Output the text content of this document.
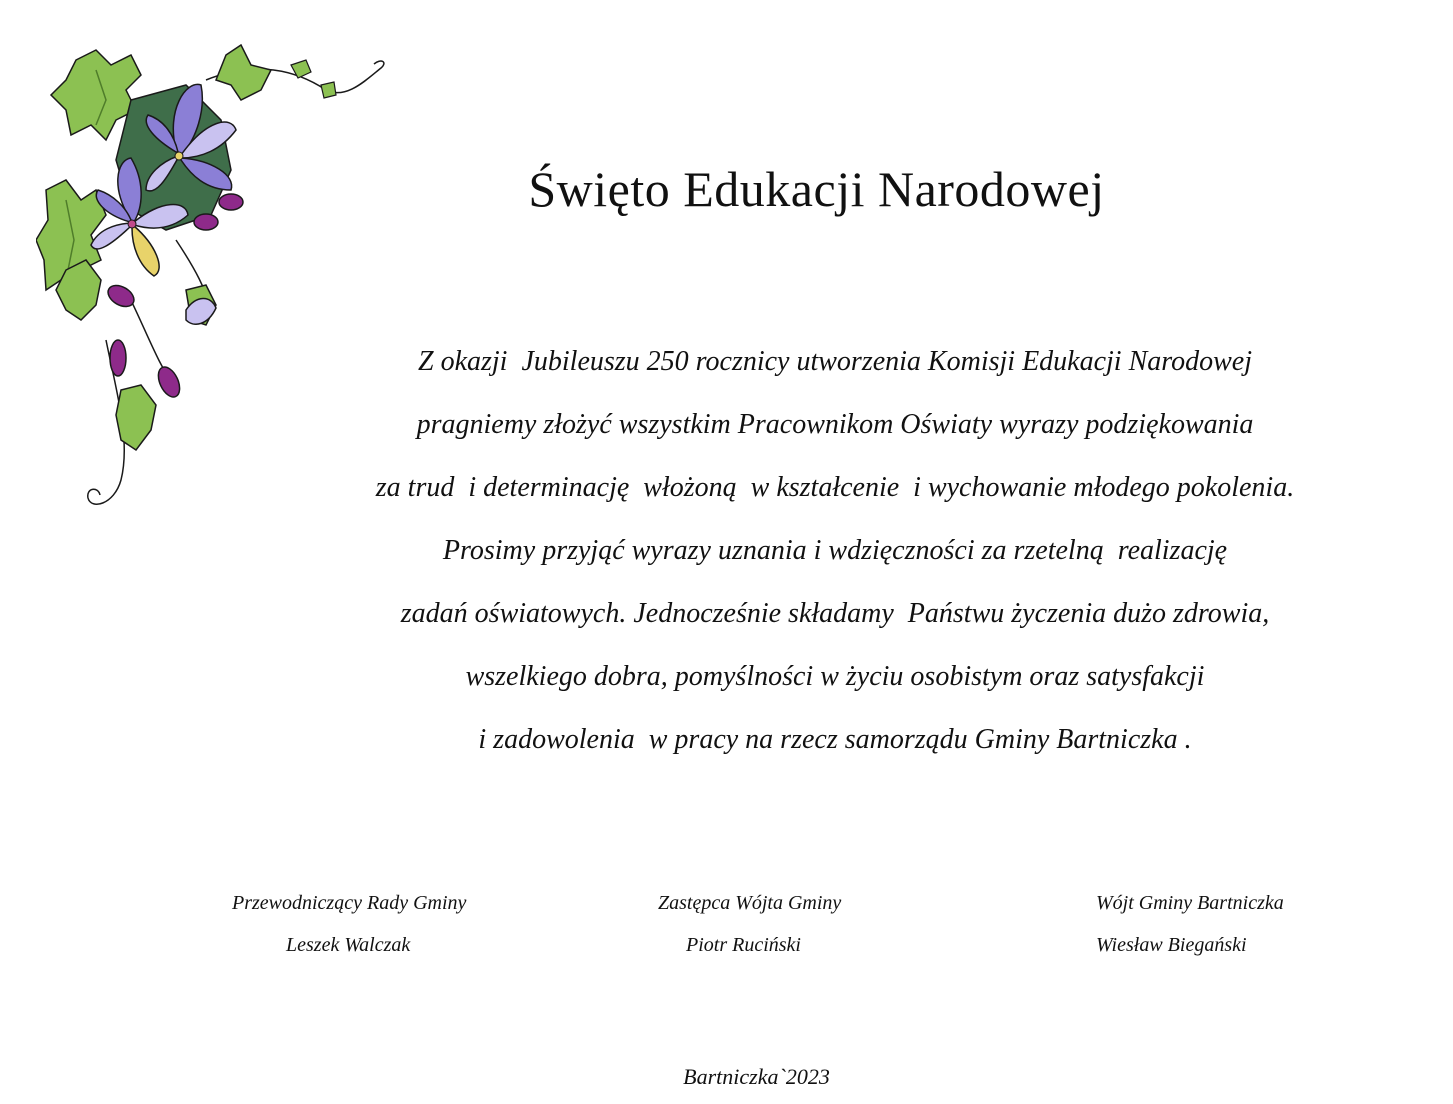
Święto Edukacji Narodowej
Z okazji  Jubileuszu 250 rocznicy utworzenia Komisji Edukacji Narodowej
pragniemy złożyć wszystkim Pracownikom Oświaty wyrazy podziękowania
za trud  i determinację  włożoną  w kształcenie  i wychowanie młodego pokolenia.
Prosimy przyjąć wyrazy uznania i wdzięczności za rzetelną  realizację
zadań oświatowych. Jednocześnie składamy  Państwu życzenia dużo zdrowia,
wszelkiego dobra, pomyślności w życiu osobistym oraz satysfakcji
i zadowolenia  w pracy na rzecz samorządu Gminy Bartniczka .
Przewodniczący Rady Gminy
Leszek Walczak
Zastępca Wójta Gminy
Piotr Ruciński
Wójt Gminy Bartniczka
Wiesław Biegański
Bartniczka`2023
